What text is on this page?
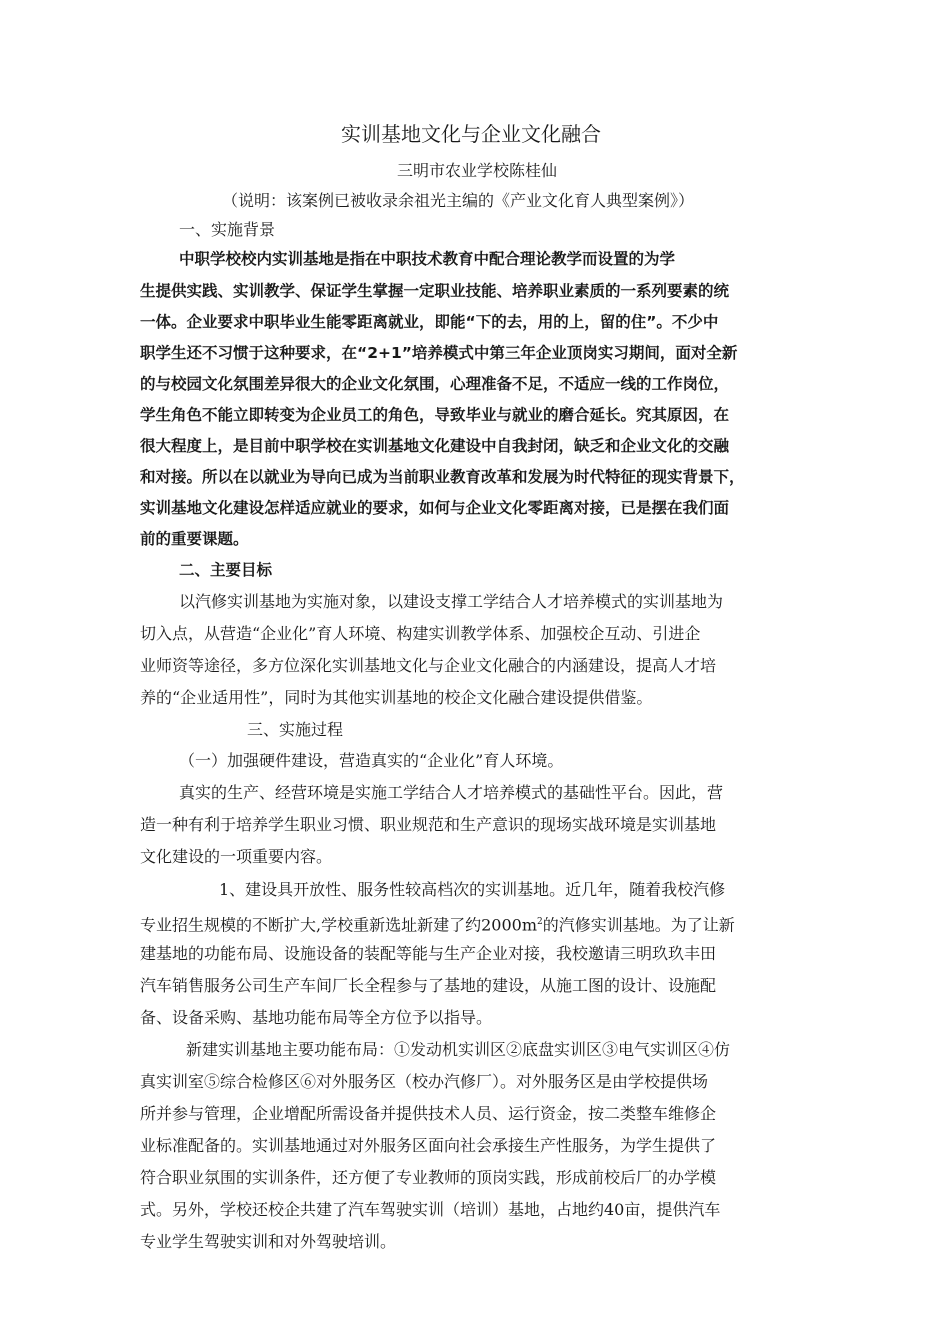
实训基地文化与企业文化融合
三明市农业学校陈桂仙
（说明：该案例已被收录余祖光主编的《产业文化育人典型案例》）
一、实施背景
中职学校校内实训基地是指在中职技术教育中配合理论教学而设置的为学
生提供实践、实训教学、保证学生掌握一定职业技能、培养职业素质的一系列要素的统
一体。企业要求中职毕业生能零距离就业，即能“下的去，用的上，留的住”。不少中
职学生还不习惯于这种要求，在“2+1”培养模式中第三年企业顶岗实习期间，面对全新
的与校园文化氛围差异很大的企业文化氛围，心理准备不足，不适应一线的工作岗位，
学生角色不能立即转变为企业员工的角色，导致毕业与就业的磨合延长。究其原因，在
很大程度上，是目前中职学校在实训基地文化建设中自我封闭，缺乏和企业文化的交融
和对接。所以在以就业为导向已成为当前职业教育改革和发展为时代特征的现实背景下，
实训基地文化建设怎样适应就业的要求，如何与企业文化零距离对接，已是摆在我们面
前的重要课题。
二、主要目标
以汽修实训基地为实施对象，以建设支撑工学结合人才培养模式的实训基地为
切入点，从营造“企业化”育人环境、构建实训教学体系、加强校企互动、引进企
业师资等途径，多方位深化实训基地文化与企业文化融合的内涵建设，提高人才培
养的“企业适用性”，同时为其他实训基地的校企文化融合建设提供借鉴。
三、实施过程
（一）加强硬件建设，营造真实的“企业化”育人环境。
真实的生产、经营环境是实施工学结合人才培养模式的基础性平台。因此，营
造一种有利于培养学生职业习惯、职业规范和生产意识的现场实战环境是实训基地
文化建设的一项重要内容。
1、建设具开放性、服务性较高档次的实训基地。近几年，随着我校汽修
专业招生规模的不断扩大,学校重新选址新建了约$2000m^2$的汽修实训基地。为了让新
建基地的功能布局、设施设备的装配等能与生产企业对接，我校邀请三明玖玖丰田
汽车销售服务公司生产车间厂长全程参与了基地的建设，从施工图的设计、设施配
备、设备采购、基地功能布局等全方位予以指导。
新建实训基地主要功能布局：①发动机实训区②底盘实训区③电气实训区④仿
真实训室⑤综合检修区⑥对外服务区（校办汽修厂）。对外服务区是由学校提供场
所并参与管理，企业增配所需设备并提供技术人员、运行资金，按二类整车维修企
业标准配备的。实训基地通过对外服务区面向社会承接生产性服务，为学生提供了
符合职业氛围的实训条件，还方便了专业教师的顶岗实践，形成前校后厂的办学模
式。另外，学校还校企共建了汽车驾驶实训（培训）基地，占地约40亩，提供汽车
专业学生驾驶实训和对外驾驶培训。
